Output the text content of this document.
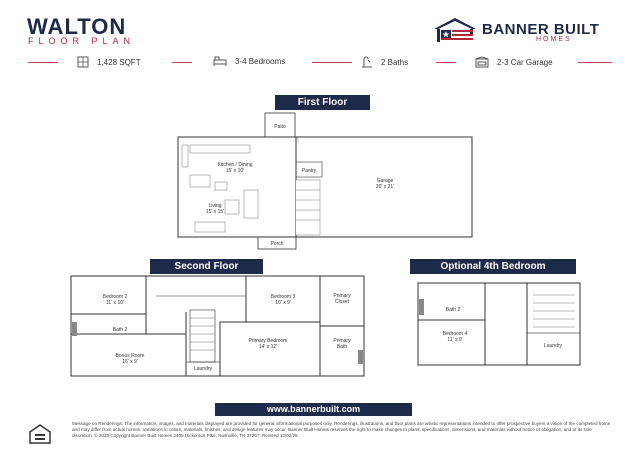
WALTON
FLOOR PLAN
BANNER BUILT
HOMES
1,428 SQFT	3-4 Bedrooms	2 Baths	2-3 Car Garage
First Floor
Kitchen / Dining
15' x 10'
Patio
Pantry
Garage
20' x 21'
Living
15' x 15'
Porch
Second Floor
Bedroom 2
11' x 10'
Bedroom 3
10' x 9'
Primary
Closet
Bath 2
Primary Bedroom
14' x 12'
Primary
Bath
Bonus Room
16' x 9'
Laundry
Optional 4th Bedroom
Bath 2
Bedroom 4
11' x 9'
Laundry
www.bannerbuilt.com
Message on Renderings: The information, images, and materials displayed are provided for general informational purposes only. Renderings, illustrations, and floor plans are artistic representations intended to offer prospective buyers a vision of the completed home and may differ from actual homes. Variations in colors, materials, finishes, and design features may occur. Banner Built Homes reserves the right to make changes to plans, specifications, dimensions, and materials without notice or obligation, and at its sole discretion. © 2025 Copyright Banner Built Homes 2405 Dickerson Pike, Nashville, TN 37207. Revised 12/02/25
